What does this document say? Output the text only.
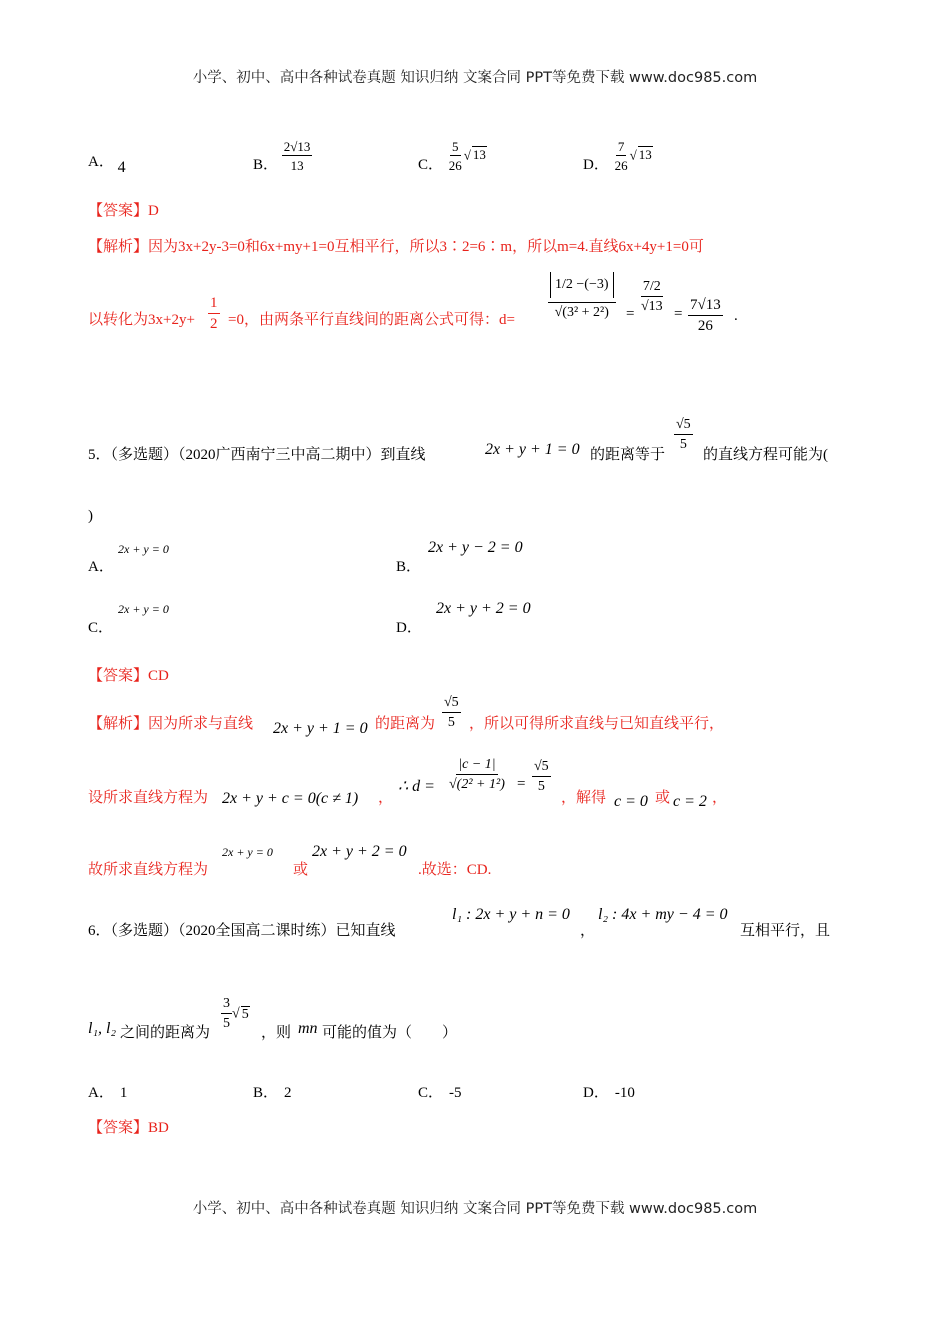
小学、初中、高中各种试卷真题 知识归纳 文案合同 PPT等免费下载 www.doc985.com
A． 4	B． $\frac{2√13}{13}$	C． $\frac{5}{26}$ √ 13
D． $\frac{7}{26}$ √ 13
【答案】D
【解析】因为3x+2y-3=0和6x+my+1=0互相平行，所以3∶2=6∶m，所以m=4.直线6x+4y+1=0可
以转化为$3x+2y+ \frac{1}{2} =0$，由两条平行直线间的距离公式可得：$d= \frac{1/2 -(-3)}{\text{√(3² + 2²)}} = \frac{7/2}{√13} = \frac{7√13}{26}$ .
5．（多选题）（2020广西南宁三中高二期中）到直线	2x + y + 1 = 0 的距离等于
$\frac{√5}{5}$
的直线方程可能为(
)
A．
2x + y = 0
B．
2x + y − 2 = 0
C．
2x + y = 0
D．
2x + y + 2 = 0
【答案】CD
【解析】因为所求与直线 2x + y + 1 = 0 的距离为 $\frac{√5}{5}$ ，所以可得所求直线与已知直线平行，
设所求直线方程为 2x + y + c = 0(c ≠ 1) ，
∴ $d = \frac{|c - 1|}{\text{√(2² + 1²)}} = \frac{√5}{5}$
，解得 c = 0 或 c = 2 ，
故所求直线方程为
2x + y = 0
或
2x + y + 2 = 0
.故选：CD.
6．（多选题）（2020全国高二课时练）已知直线
l₁ : 2x + y + n = 0
，
l₂ : 4x + my − 4 = 0
互相平行，且
l₁, l₂ 之间的距离为
$\frac{3}{5}$ √ 5
，则 mn 可能的值为（　　）
A． 1	B． 2	C． -5	D． -10
【答案】BD
小学、初中、高中各种试卷真题 知识归纳 文案合同 PPT等免费下载 www.doc985.com
